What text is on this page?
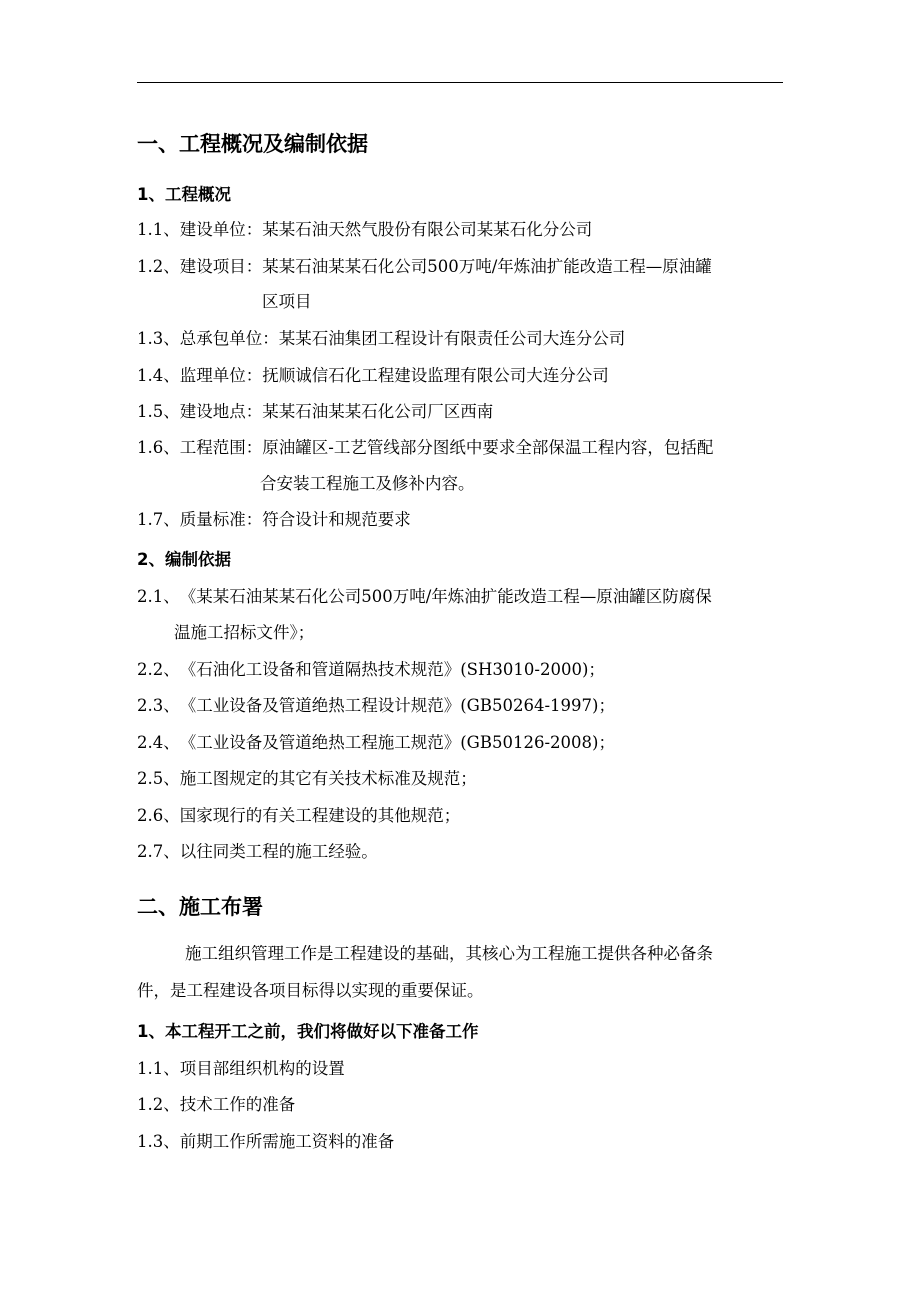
一、工程概况及编制依据
1、工程概况
1.1、建设单位：某某石油天然气股份有限公司某某石化分公司
1.2、建设项目：某某石油某某石化公司500万吨/年炼油扩能改造工程—原油罐
区项目
1.3、总承包单位：某某石油集团工程设计有限责任公司大连分公司
1.4、监理单位：抚顺诚信石化工程建设监理有限公司大连分公司
1.5、建设地点：某某石油某某石化公司厂区西南
1.6、工程范围：原油罐区-工艺管线部分图纸中要求全部保温工程内容，包括配
合安装工程施工及修补内容。
1.7、质量标准：符合设计和规范要求
2、编制依据
2.1、《某某石油某某石化公司500万吨/年炼油扩能改造工程—原油罐区防腐保
温施工招标文件》；
2.2、《石油化工设备和管道隔热技术规范》(SH3010-2000)；
2.3、《工业设备及管道绝热工程设计规范》(GB50264-1997)；
2.4、《工业设备及管道绝热工程施工规范》(GB50126-2008)；
2.5、施工图规定的其它有关技术标准及规范；
2.6、国家现行的有关工程建设的其他规范；
2.7、以往同类工程的施工经验。
二、施工布署
施工组织管理工作是工程建设的基础，其核心为工程施工提供各种必备条
件，是工程建设各项目标得以实现的重要保证。
1、本工程开工之前，我们将做好以下准备工作
1.1、项目部组织机构的设置
1.2、技术工作的准备
1.3、前期工作所需施工资料的准备
